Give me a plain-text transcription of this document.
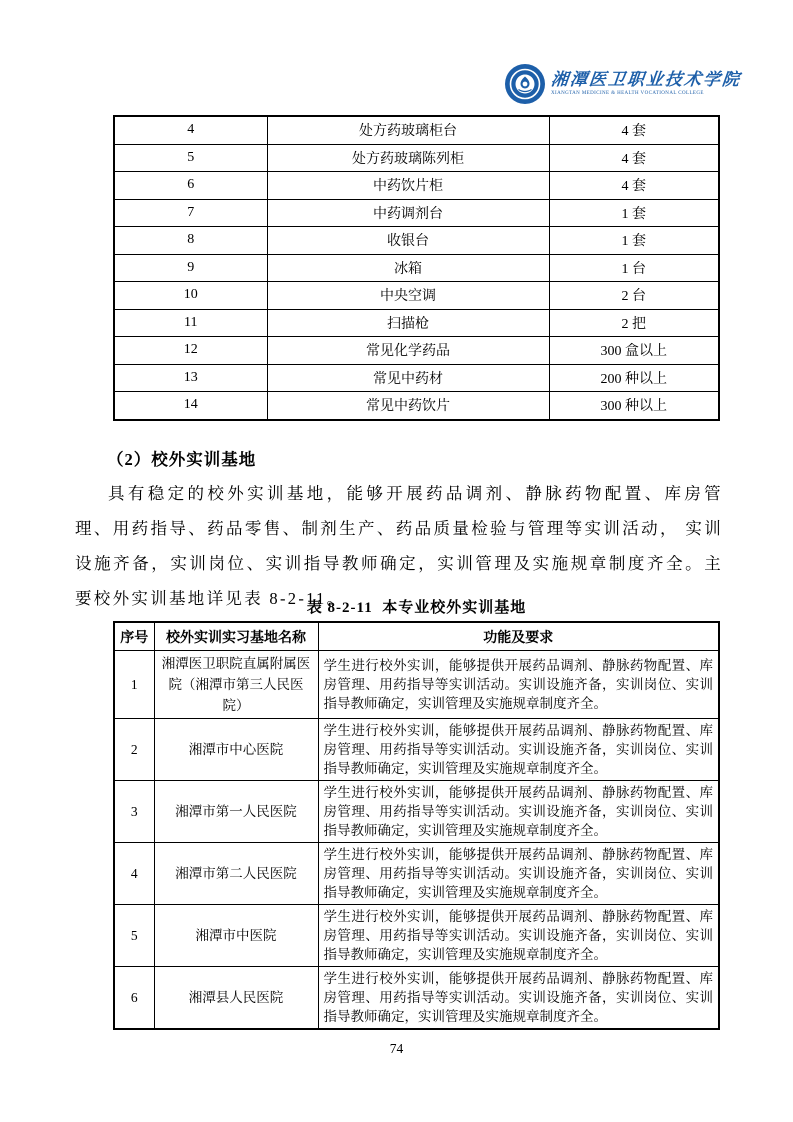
湘潭医卫职业技术学院
XIANGTAN MEDICINE & HEALTH VOCATIONAL COLLEGE
4	处方药玻璃柜台	4 套
5	处方药玻璃陈列柜	4 套
6	中药饮片柜	4 套
7	中药调剂台	1 套
8	收银台	1 套
9	冰箱	1 台
10	中央空调	2 台
11	扫描枪	2 把
12	常见化学药品	300 盒以上
13	常见中药材	200 种以上
14	常见中药饮片	300 种以上
（2）校外实训基地
具有稳定的校外实训基地，能够开展药品调剂、静脉药物配置、库房管理、用药指导、药品零售、制剂生产、药品质量检验与管理等实训活动， 实训设施齐备，实训岗位、实训指导教师确定，实训管理及实施规章制度齐全。主要校外实训基地详见表 8-2-11。
表 8-2-11  本专业校外实训基地
序号	校外实训实习基地名称	功能及要求
1	湘潭医卫职院直属附属医院（湘潭市第三人民医院）	学生进行校外实训，能够提供开展药品调剂、静脉药物配置、库房管理、用药指导等实训活动。实训设施齐备，实训岗位、实训指导教师确定，实训管理及实施规章制度齐全。
2	湘潭市中心医院	学生进行校外实训，能够提供开展药品调剂、静脉药物配置、库房管理、用药指导等实训活动。实训设施齐备，实训岗位、实训指导教师确定，实训管理及实施规章制度齐全。
3	湘潭市第一人民医院	学生进行校外实训，能够提供开展药品调剂、静脉药物配置、库房管理、用药指导等实训活动。实训设施齐备，实训岗位、实训指导教师确定，实训管理及实施规章制度齐全。
4	湘潭市第二人民医院	学生进行校外实训，能够提供开展药品调剂、静脉药物配置、库房管理、用药指导等实训活动。实训设施齐备，实训岗位、实训指导教师确定，实训管理及实施规章制度齐全。
5	湘潭市中医院	学生进行校外实训，能够提供开展药品调剂、静脉药物配置、库房管理、用药指导等实训活动。实训设施齐备，实训岗位、实训指导教师确定，实训管理及实施规章制度齐全。
6	湘潭县人民医院	学生进行校外实训，能够提供开展药品调剂、静脉药物配置、库房管理、用药指导等实训活动。实训设施齐备，实训岗位、实训指导教师确定，实训管理及实施规章制度齐全。
74
